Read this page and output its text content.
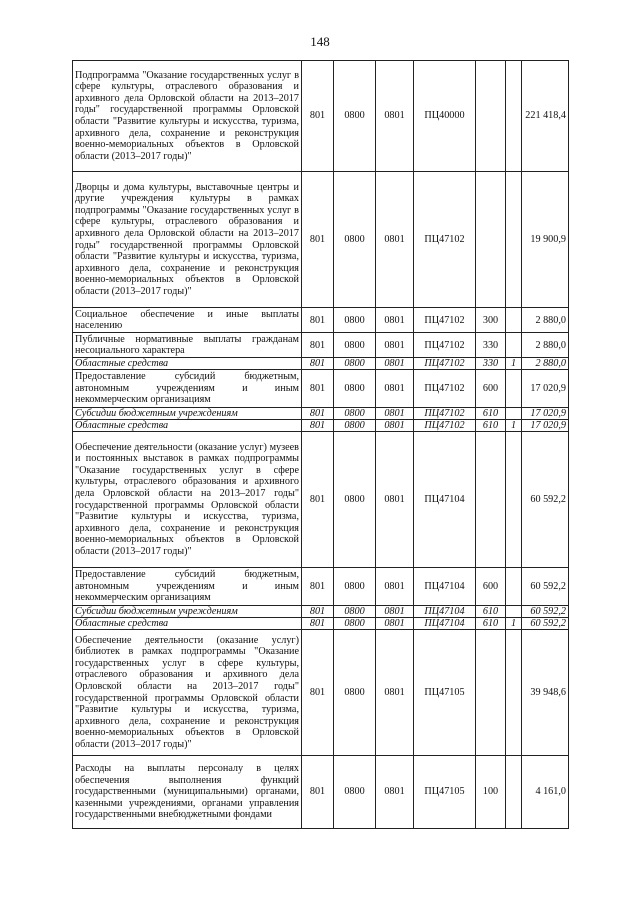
148
Подпрограмма "Оказание государственных услуг в сфере культуры, отраслевого образования и архивного дела Орловской области на 2013–2017 годы" государственной программы Орловской области "Развитие культуры и искусства, туризма, архивного дела, сохранение и реконструкция военно-мемориальных объектов в Орловской области (2013–2017 годы)"	801	0800	0801	ПЦ40000			221 418,4
Дворцы и дома культуры, выставочные центры и другие учреждения культуры в рамках подпрограммы "Оказание государственных услуг в сфере культуры, отраслевого образования и архивного дела Орловской области на 2013–2017 годы" государственной программы Орловской области "Развитие культуры и искусства, туризма, архивного дела, сохранение и реконструкция военно-мемориальных объектов в Орловской области (2013–2017 годы)"	801	0800	0801	ПЦ47102			19 900,9
Социальное обеспечение и иные выплаты населению	801	0800	0801	ПЦ47102	300		2 880,0
Публичные нормативные выплаты гражданам несоциального характера	801	0800	0801	ПЦ47102	330		2 880,0
Областные средства	801	0800	0801	ПЦ47102	330	1	2 880,0
Предоставление субсидий бюджетным, автономным учреждениям и иным некоммерческим организациям	801	0800	0801	ПЦ47102	600		17 020,9
Субсидии бюджетным учреждениям	801	0800	0801	ПЦ47102	610		17 020,9
Областные средства	801	0800	0801	ПЦ47102	610	1	17 020,9
Обеспечение деятельности (оказание услуг) музеев и постоянных выставок в рамках подпрограммы "Оказание государственных услуг в сфере культуры, отраслевого образования и архивного дела Орловской области на 2013–2017 годы" государственной программы Орловской области "Развитие культуры и искусства, туризма, архивного дела, сохранение и реконструкция военно-мемориальных объектов в Орловской области (2013–2017 годы)"	801	0800	0801	ПЦ47104			60 592,2
Предоставление субсидий бюджетным, автономным учреждениям и иным некоммерческим организациям	801	0800	0801	ПЦ47104	600		60 592,2
Субсидии бюджетным учреждениям	801	0800	0801	ПЦ47104	610		60 592,2
Областные средства	801	0800	0801	ПЦ47104	610	1	60 592,2
Обеспечение деятельности (оказание услуг) библиотек в рамках подпрограммы "Оказание государственных услуг в сфере культуры, отраслевого образования и архивного дела Орловской области на 2013–2017 годы" государственной программы Орловской области "Развитие культуры и искусства, туризма, архивного дела, сохранение и реконструкция военно-мемориальных объектов в Орловской области (2013–2017 годы)"	801	0800	0801	ПЦ47105			39 948,6
Расходы на выплаты персоналу в целях обеспечения выполнения функций государственными (муниципальными) органами, казенными учреждениями, органами управления государственными внебюджетными фондами	801	0800	0801	ПЦ47105	100		4 161,0
